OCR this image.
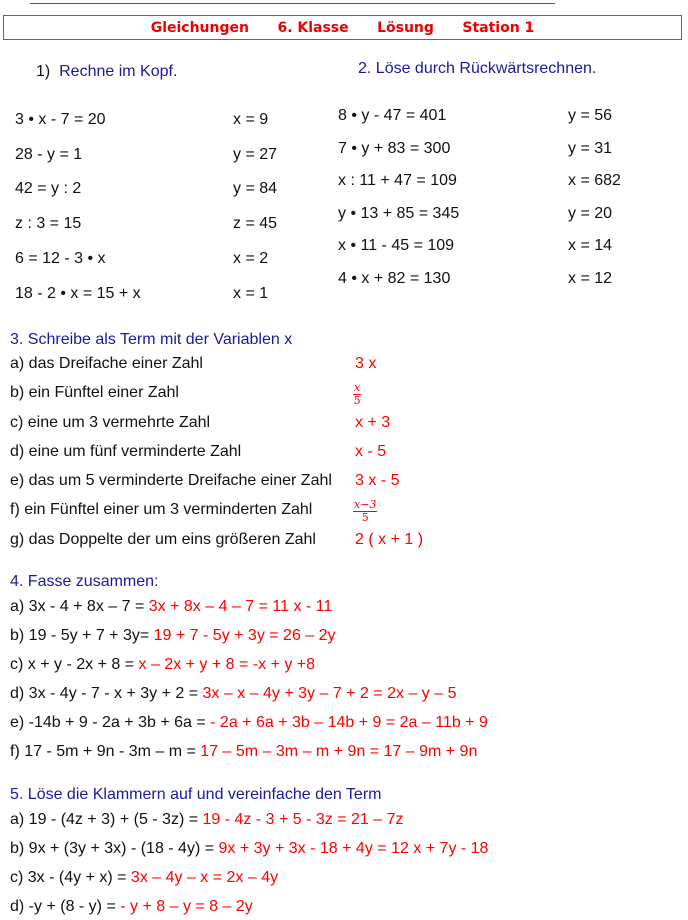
Gleichungen 6. Klasse Lösung Station 1
1) Rechne im Kopf.	2. Löse durch Rückwärtsrechnen.
3. Schreibe als Term mit der Variablen x
4. Fasse zusammen:
5. Löse die Klammern auf und vereinfache den Term
3 • x - 7 = 20	x = 9
28 - y = 1	y = 27
42 = y : 2	y = 84
z : 3 = 15	z = 45
6 = 12 - 3 • x	x = 2
18 - 2 • x = 15 + x	x = 1
8 • y - 47 = 401	y = 56
7 • y + 83 = 300	y = 31
x : 11 + 47 = 109	x = 682
y • 13 + 85 = 345	y = 20
x • 11 - 45 = 109	x = 14
4 • x + 82 = 130	x = 12
a) das Dreifache einer Zahl	3 x
b) ein Fünftel einer Zahl	$\frac{x}{5}$
c) eine um 3 vermehrte Zahl	x + 3
d) eine um fünf verminderte Zahl	x - 5
e) das um 5 verminderte Dreifache einer Zahl 3 x - 5
f) ein Fünftel einer um 3 verminderten Zahl	$\frac{x-3}{5}$
g) das Doppelte der um eins größeren Zahl 2 ( x + 1 )
a) 3x - 4 + 8x – 7 = 3x + 8x – 4 – 7 = 11 x - 11
b) 19 - 5y + 7 + 3y= 19 + 7 - 5y + 3y = 26 – 2y
c) x + y - 2x + 8 = x – 2x + y + 8 = -x + y +8
d) 3x - 4y - 7 - x + 3y + 2 = 3x – x – 4y + 3y – 7 + 2 = 2x – y – 5
e) -14b + 9 - 2a + 3b + 6a = - 2a + 6a + 3b – 14b + 9 = 2a – 11b + 9
f) 17 - 5m + 9n - 3m – m = 17 – 5m – 3m – m + 9n = 17 – 9m + 9n
a) 19 - (4z + 3) + (5 - 3z) = 19 - 4z - 3 + 5 - 3z = 21 – 7z
b) 9x + (3y + 3x) - (18 - 4y) = 9x + 3y + 3x - 18 + 4y = 12 x + 7y - 18
c) 3x - (4y + x) = 3x – 4y – x = 2x – 4y
d) -y + (8 - y) = - y + 8 – y = 8 – 2y
